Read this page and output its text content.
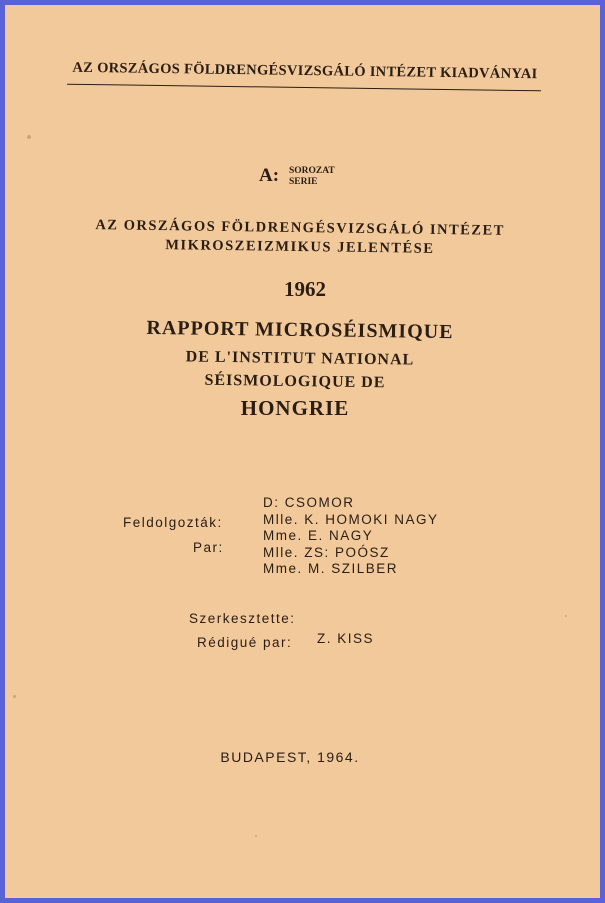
AZ ORSZÁGOS FÖLDRENGÉSVIZSGÁLÓ INTÉZET KIADVÁNYAI
A: SOROZAT
SERIE
AZ ORSZÁGOS FÖLDRENGÉSVIZSGÁLÓ INTÉZET
MIKROSZEIZMIKUS JELENTÉSE
1962
RAPPORT MICROSÉISMIQUE
DE L'INSTITUT NATIONAL
SÉISMOLOGIQUE DE
HONGRIE
Feldolgozták:
Par:
D: CSOMOR
Mlle. K. HOMOKI NAGY
Mme. E. NAGY
Mlle. ZS: POÓSZ
Mme. M. SZILBER
Szerkesztette:
Rédigué par: Z. KISS
BUDAPEST, 1964.
